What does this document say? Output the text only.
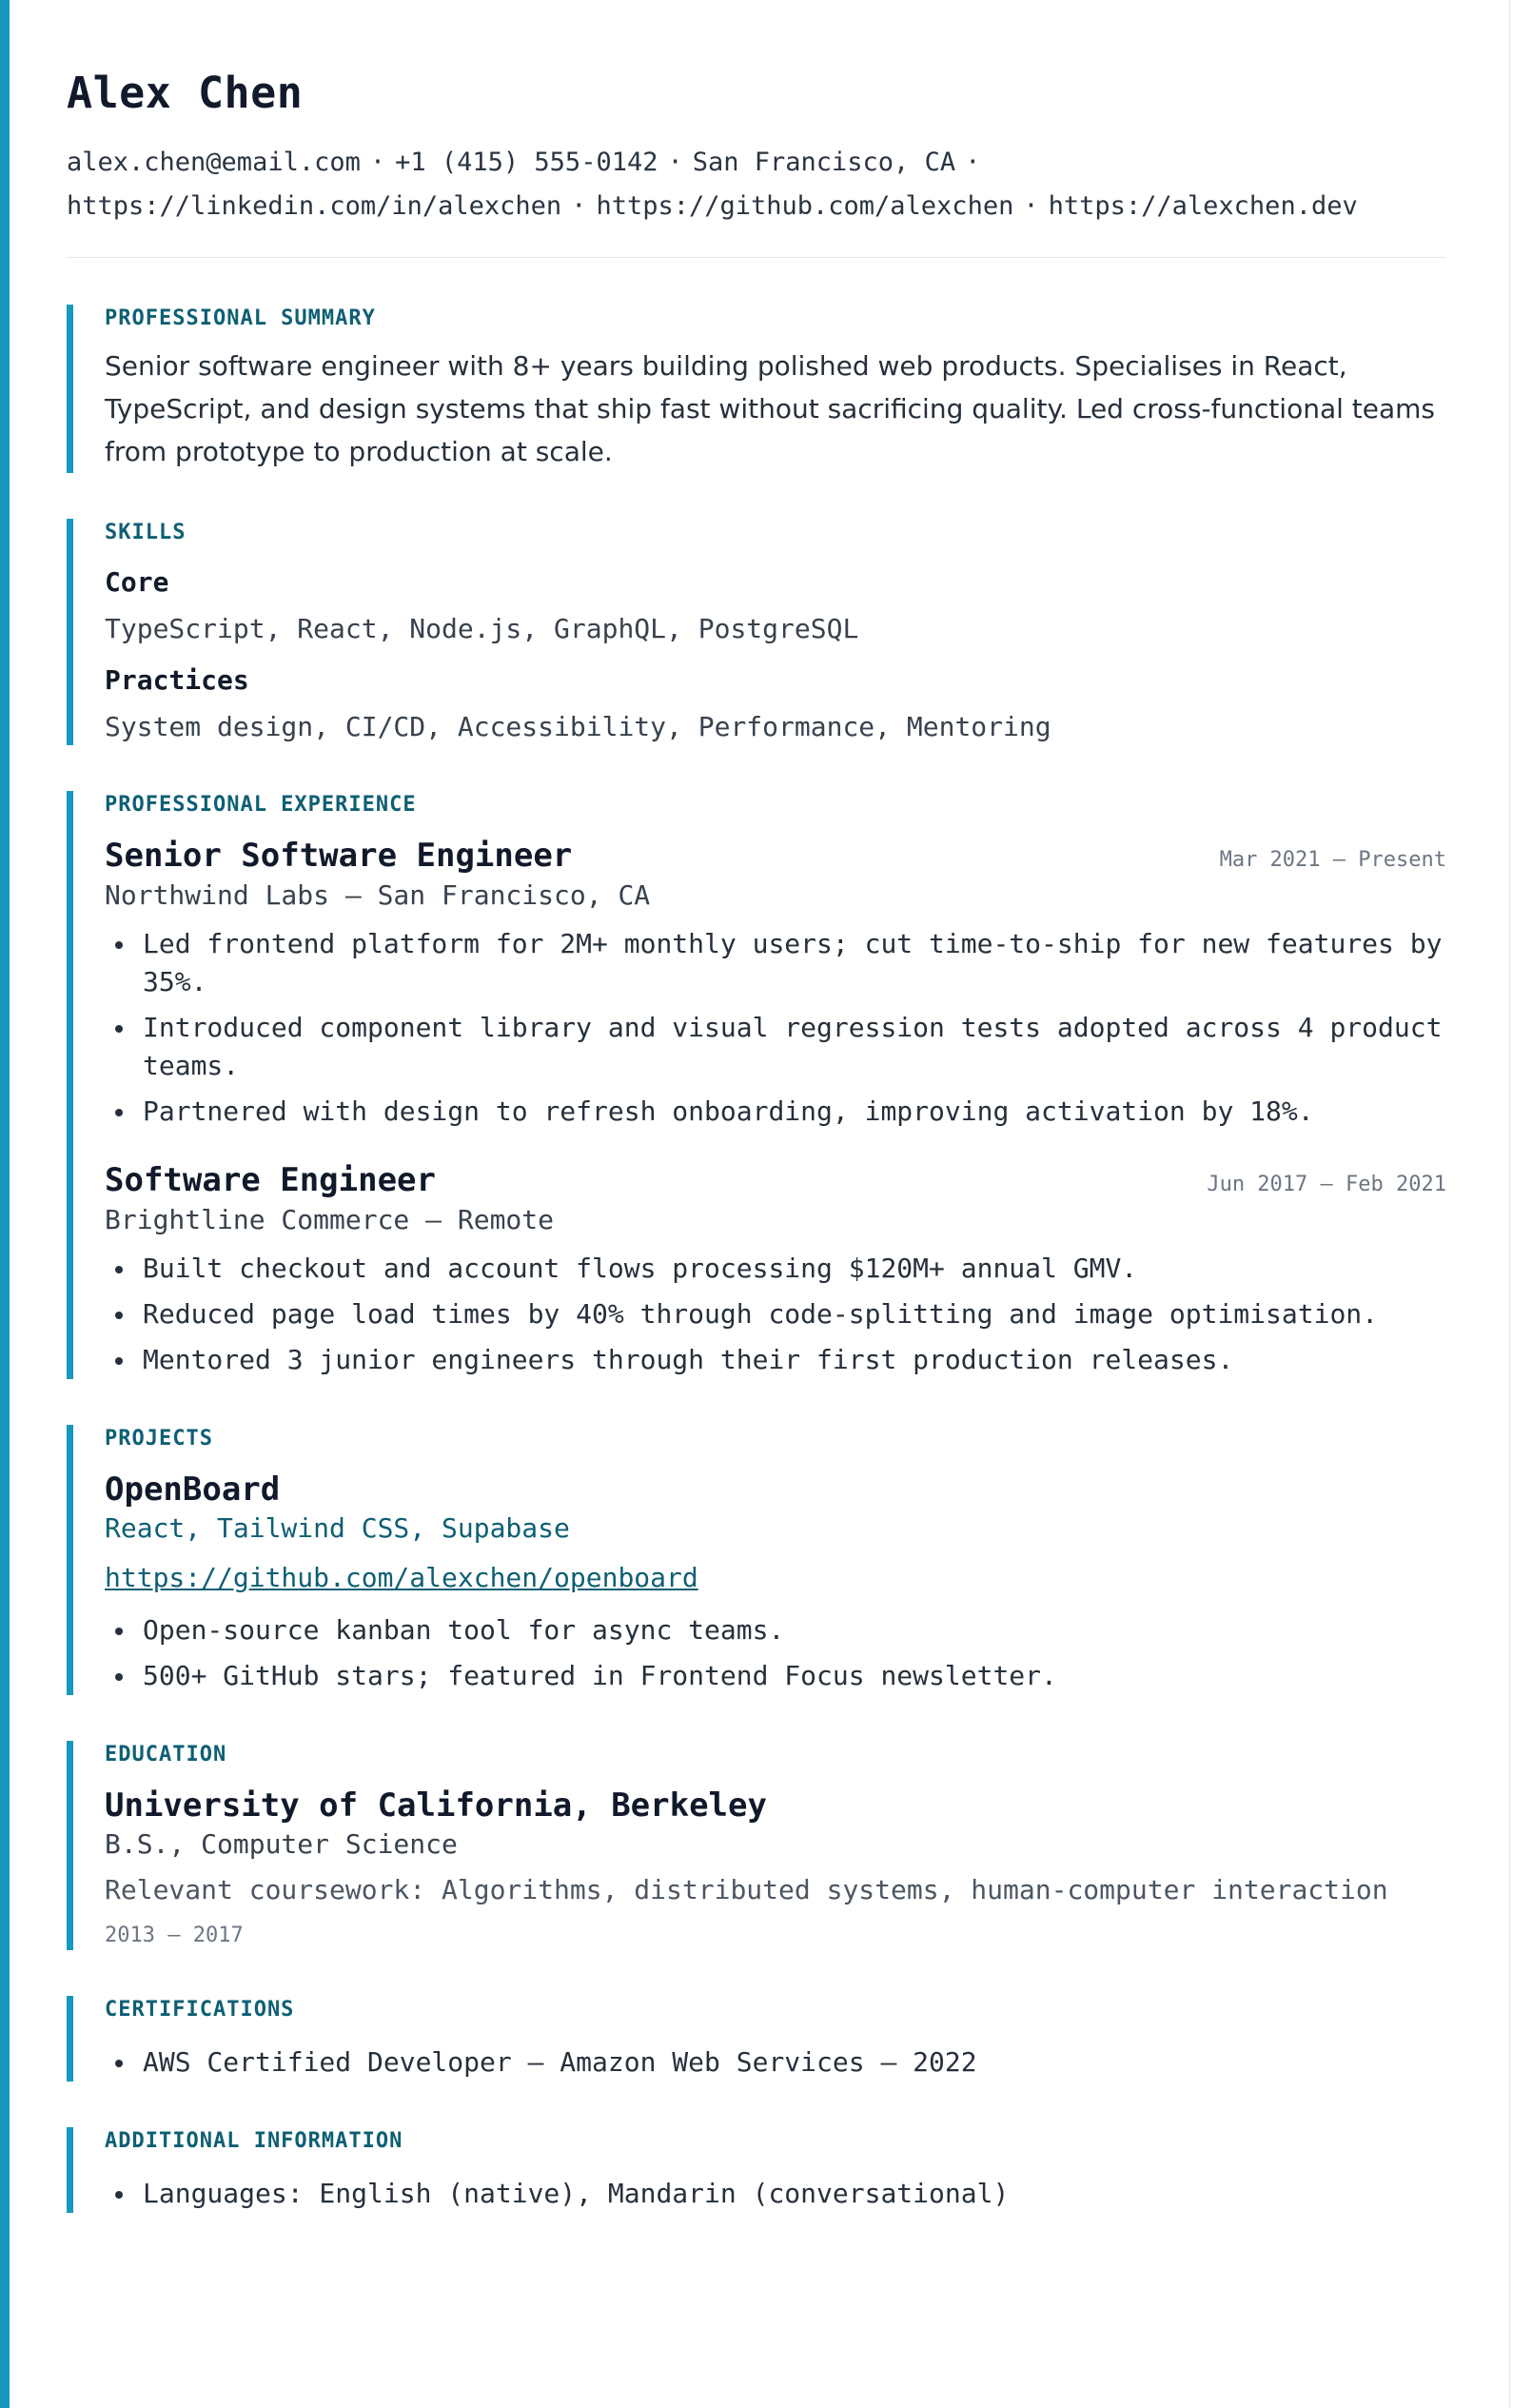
Alex Chen
alex.chen@email.com · +1 (415) 555-0142 · San Francisco, CA ·
https://linkedin.com/in/alexchen · https://github.com/alexchen · https://alexchen.dev
PROFESSIONAL SUMMARY
Senior software engineer with 8+ years building polished web products. Specialises in React, TypeScript, and design systems that ship fast without sacrificing quality. Led cross-functional teams from prototype to production at scale.
SKILLS
Core
TypeScript, React, Node.js, GraphQL, PostgreSQL
Practices
System design, CI/CD, Accessibility, Performance, Mentoring
PROFESSIONAL EXPERIENCE
Senior Software Engineer	Mar 2021 – Present
Northwind Labs — San Francisco, CA
Led frontend platform for 2M+ monthly users; cut time-to-ship for new features by 35%.
Introduced component library and visual regression tests adopted across 4 product teams.
Partnered with design to refresh onboarding, improving activation by 18%.
Software Engineer	Jun 2017 – Feb 2021
Brightline Commerce — Remote
Built checkout and account flows processing $120M+ annual GMV.
Reduced page load times by 40% through code-splitting and image optimisation.
Mentored 3 junior engineers through their first production releases.
PROJECTS
OpenBoard
React, Tailwind CSS, Supabase
https://github.com/alexchen/openboard
Open-source kanban tool for async teams.
500+ GitHub stars; featured in Frontend Focus newsletter.
EDUCATION
University of California, Berkeley
B.S., Computer Science
Relevant coursework: Algorithms, distributed systems, human-computer interaction
2013 – 2017
CERTIFICATIONS
AWS Certified Developer — Amazon Web Services — 2022
ADDITIONAL INFORMATION
Languages: English (native), Mandarin (conversational)
